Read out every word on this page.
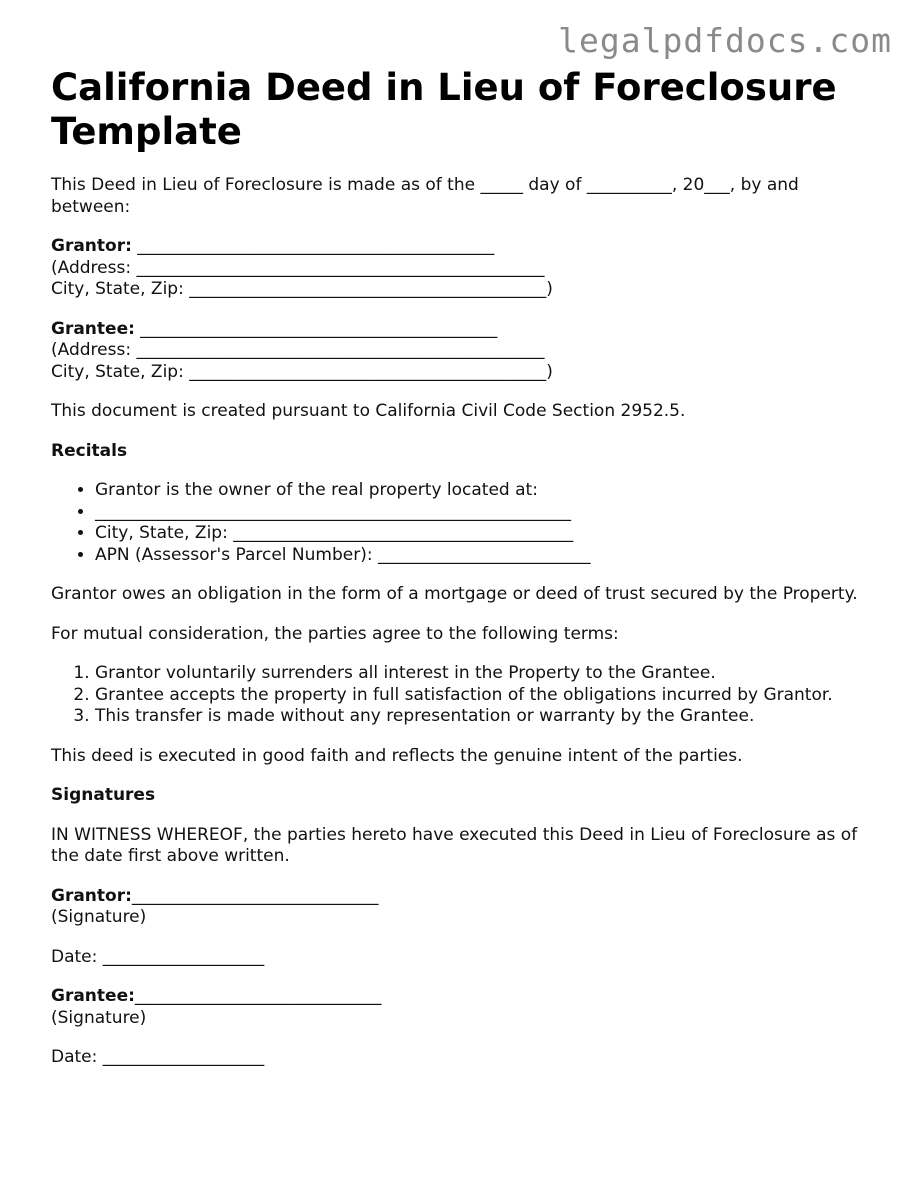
legalpdfdocs.com
California Deed in Lieu of Foreclosure Template

This Deed in Lieu of Foreclosure is made as of the _____ day of __________, 20___, by and between:

Grantor: __________________________________________
(Address: ________________________________________________
City, State, Zip: __________________________________________)
Grantee: __________________________________________
(Address: ________________________________________________
City, State, Zip: __________________________________________)

This document is created pursuant to California Civil Code Section 2952.5.

Recitals
• Grantor is the owner of the real property located at:
• ________________________________________________________
• City, State, Zip: ________________________________________
• APN (Assessor's Parcel Number): _________________________

Grantor owes an obligation in the form of a mortgage or deed of trust secured by the Property.

For mutual consideration, the parties agree to the following terms:

1. Grantor voluntarily surrenders all interest in the Property to the Grantee.
2. Grantee accepts the property in full satisfaction of the obligations incurred by Grantor.
3. This transfer is made without any representation or warranty by the Grantee.

This deed is executed in good faith and reflects the genuine intent of the parties.

Signatures

IN WITNESS WHEREOF, the parties hereto have executed this Deed in Lieu of Foreclosure as of the date first above written.

Grantor:_____________________________
(Signature)

Date: ___________________

Grantee:_____________________________
(Signature)

Date: ___________________
